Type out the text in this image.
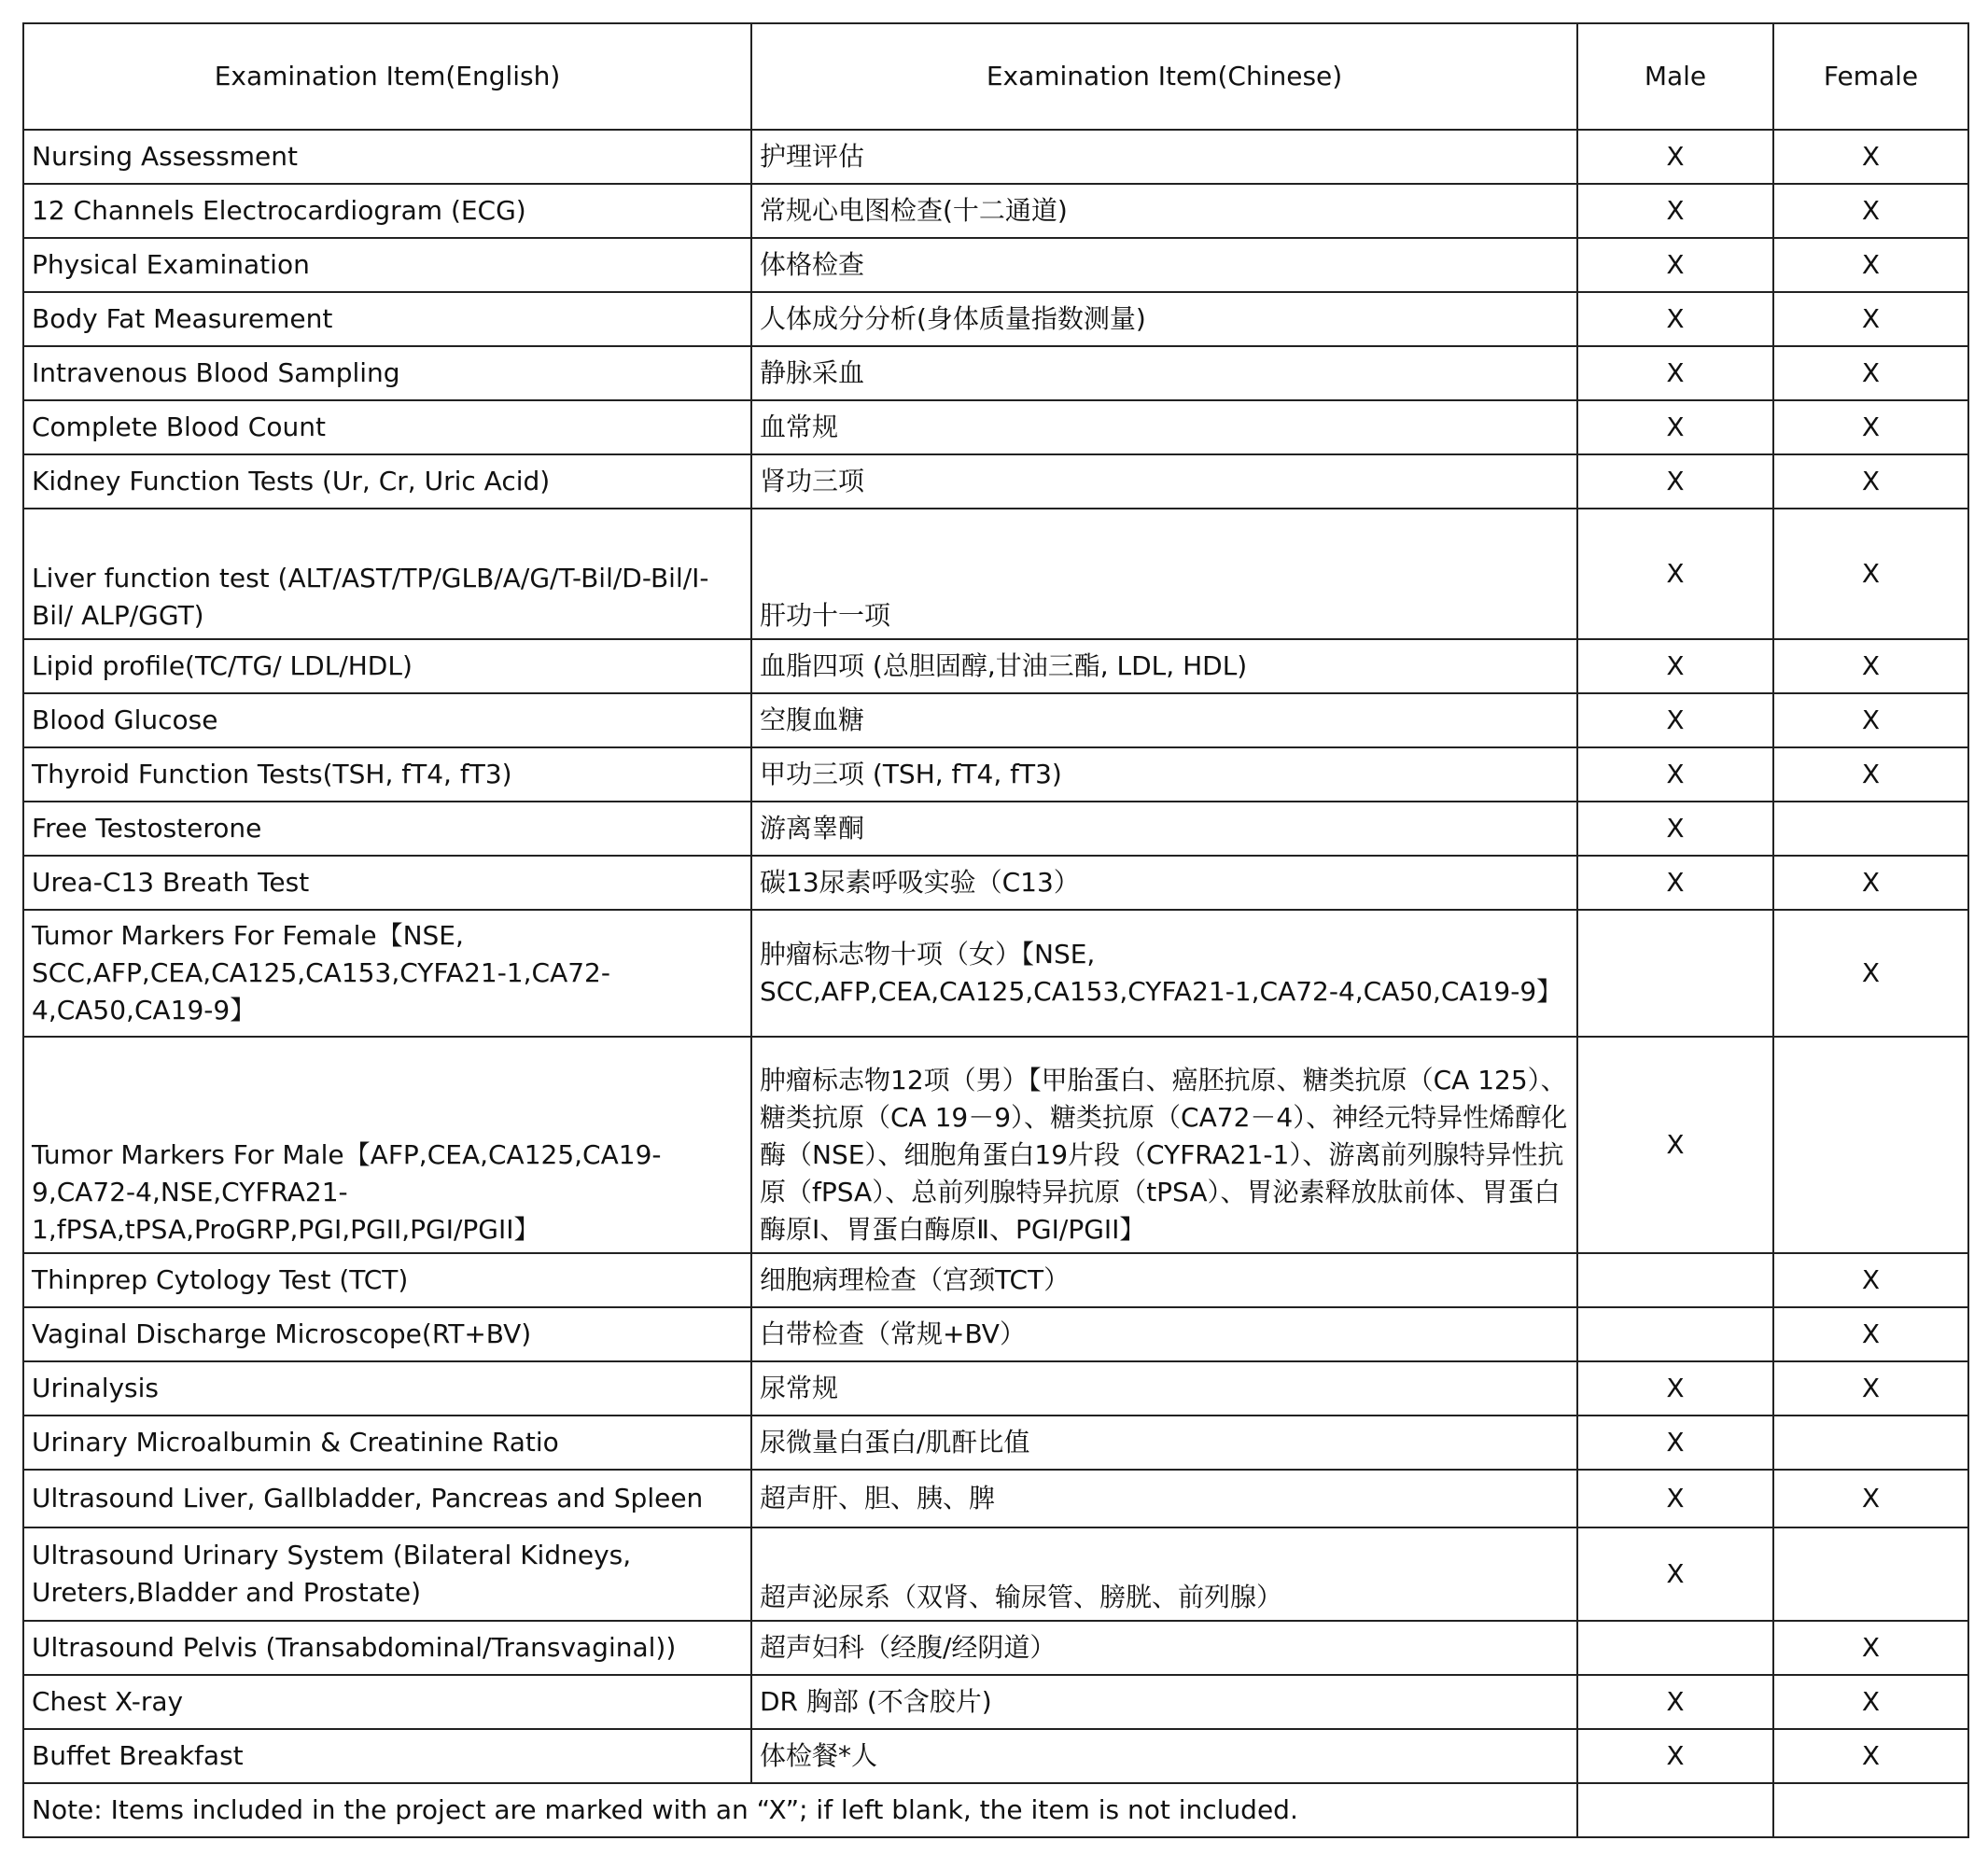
Examination Item(English)	Examination Item(Chinese)	Male	Female
Nursing Assessment	护理评估	X	X
12 Channels Electrocardiogram (ECG)	常规心电图检查(十二通道)	X	X
Physical Examination	体格检查	X	X
Body Fat Measurement	人体成分分析(身体质量指数测量)	X	X
Intravenous Blood Sampling	静脉采血	X	X
Complete Blood Count	血常规	X	X
Kidney Function Tests (Ur, Cr, Uric Acid)	肾功三项	X	X
Liver function test (ALT/AST/TP/GLB/A/G/T-Bil/D-Bil/I-Bil/ ALP/GGT)	肝功十一项	X	X
Lipid profile(TC/TG/ LDL/HDL)	血脂四项 (总胆固醇,甘油三酯, LDL, HDL)	X	X
Blood Glucose	空腹血糖	X	X
Thyroid Function Tests(TSH, fT4, fT3)	甲功三项 (TSH, fT4, fT3)	X	X
Free Testosterone	游离睾酮	X	
Urea-C13 Breath Test	碳13尿素呼吸实验（C13）	X	X
Tumor Markers For Female【NSE, SCC,AFP,CEA,CA125,CA153,CYFA21-1,CA72-4,CA50,CA19-9】	肿瘤标志物十项（女）【NSE, SCC,AFP,CEA,CA125,CA153,CYFA21-1,CA72-4,CA50,CA19-9】		X
Tumor Markers For Male【AFP,CEA,CA125,CA19-9,CA72-4,NSE,CYFRA21-1,fPSA,tPSA,ProGRP,PGI,PGII,PGI/PGII】	肿瘤标志物12项（男）【甲胎蛋白、癌胚抗原、糖类抗原（CA 125）、糖类抗原（CA 19－9）、糖类抗原（CA72－4）、神经元特异性烯醇化酶（NSE）、细胞角蛋白19片段（CYFRA21-1）、游离前列腺特异性抗原（fPSA）、总前列腺特异抗原（tPSA）、胃泌素释放肽前体、胃蛋白酶原Ⅰ、胃蛋白酶原Ⅱ、PGI/PGII】	X	
Thinprep Cytology Test (TCT)	细胞病理检查（宫颈TCT）		X
Vaginal Discharge Microscope(RT+BV)	白带检查（常规+BV）		X
Urinalysis	尿常规	X	X
Urinary Microalbumin & Creatinine Ratio	尿微量白蛋白/肌酐比值	X	
Ultrasound Liver, Gallbladder, Pancreas and Spleen	超声肝、胆、胰、脾	X	X
Ultrasound Urinary System (Bilateral Kidneys, Ureters,Bladder and Prostate)	超声泌尿系（双肾、输尿管、膀胱、前列腺）	X	
Ultrasound Pelvis (Transabdominal/Transvaginal))	超声妇科（经腹/经阴道）		X
Chest X-ray	DR 胸部 (不含胶片)	X	X
Buffet Breakfast	体检餐*人	X	X
Note: Items included in the project are marked with an “X”; if left blank, the item is not included.			
